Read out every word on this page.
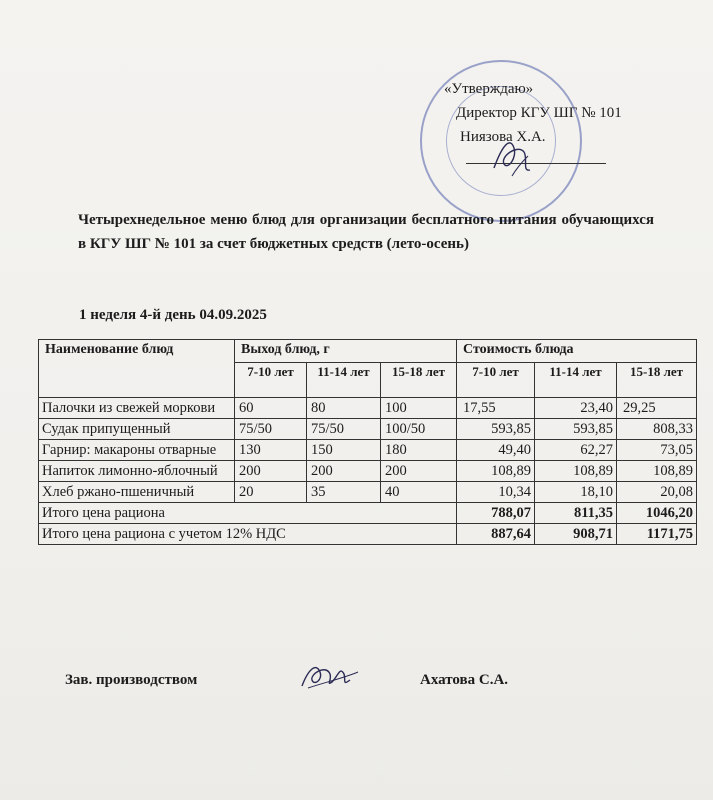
«Утверждаю»
Директор КГУ ШГ № 101
Ниязова Х.А.
Четырехнедельное меню блюд для организации бесплатного питания обучающихся в КГУ ШГ № 101 за счет бюджетных средств (лето-осень)
1 неделя 4-й день 04.09.2025
Наименование блюд	Выход блюд, г			Стоимость блюда		
	7-10 лет	11-14 лет	15-18 лет	7-10 лет	11-14 лет	15-18 лет
Палочки из свежей моркови	60	80	100	17,55	23,40	29,25
Судак припущенный	75/50	75/50	100/50	593,85	593,85	808,33
Гарнир: макароны отварные	130	150	180	49,40	62,27	73,05
Напиток лимонно-яблочный	200	200	200	108,89	108,89	108,89
Хлеб ржано-пшеничный	20	35	40	10,34	18,10	20,08
Итого цена рациона				788,07	811,35	1046,20
Итого цена рациона с учетом 12% НДС				887,64	908,71	1171,75
Зав. производством	Ахатова С.А.
